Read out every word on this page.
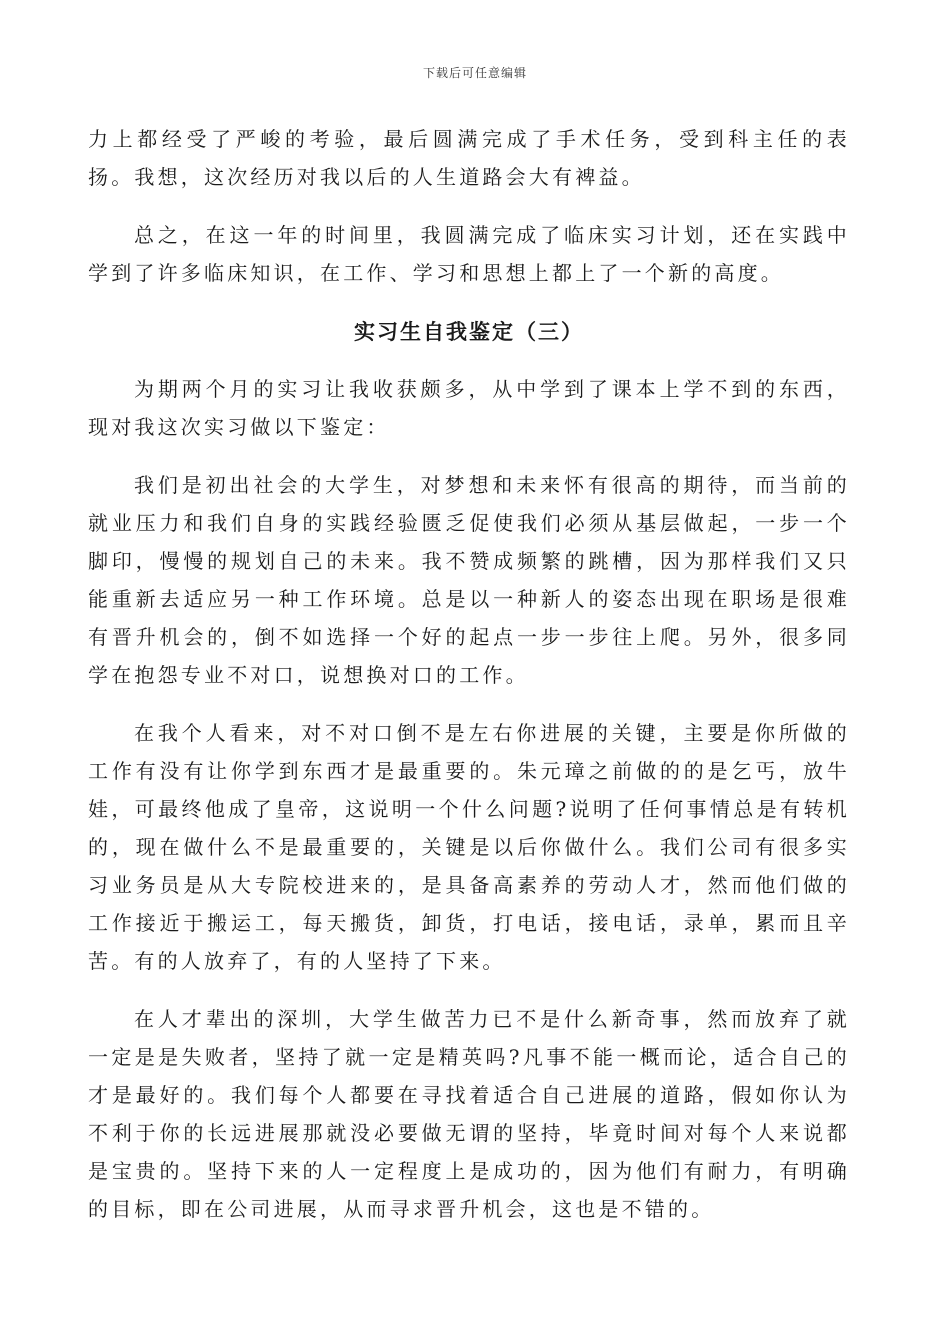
下载后可任意编辑

力上都经受了严峻的考验，最后圆满完成了手术任务，受到科主任的表扬。我想，这次经历对我以后的人生道路会大有裨益。

总之，在这一年的时间里，我圆满完成了临床实习计划，还在实践中学到了许多临床知识，在工作、学习和思想上都上了一个新的高度。

实习生自我鉴定（三）

为期两个月的实习让我收获颇多，从中学到了课本上学不到的东西，现对我这次实习做以下鉴定：

我们是初出社会的大学生，对梦想和未来怀有很高的期待，而当前的就业压力和我们自身的实践经验匮乏促使我们必须从基层做起，一步一个脚印，慢慢的规划自己的未来。我不赞成频繁的跳槽，因为那样我们又只能重新去适应另一种工作环境。总是以一种新人的姿态出现在职场是很难有晋升机会的，倒不如选择一个好的起点一步一步往上爬。另外，很多同学在抱怨专业不对口，说想换对口的工作。

在我个人看来，对不对口倒不是左右你进展的关键，主要是你所做的工作有没有让你学到东西才是最重要的。朱元璋之前做的的是乞丐，放牛娃，可最终他成了皇帝，这说明一个什么问题?说明了任何事情总是有转机的，现在做什么不是最重要的，关键是以后你做什么。我们公司有很多实习业务员是从大专院校进来的，是具备高素养的劳动人才，然而他们做的工作接近于搬运工，每天搬货，卸货，打电话，接电话，录单，累而且辛苦。有的人放弃了，有的人坚持了下来。

在人才辈出的深圳，大学生做苦力已不是什么新奇事，然而放弃了就一定是是失败者，坚持了就一定是精英吗?凡事不能一概而论，适合自己的才是最好的。我们每个人都要在寻找着适合自己进展的道路，假如你认为不利于你的长远进展那就没必要做无谓的坚持，毕竟时间对每个人来说都是宝贵的。坚持下来的人一定程度上是成功的，因为他们有耐力，有明确的目标，即在公司进展，从而寻求晋升机会，这也是不错的。
